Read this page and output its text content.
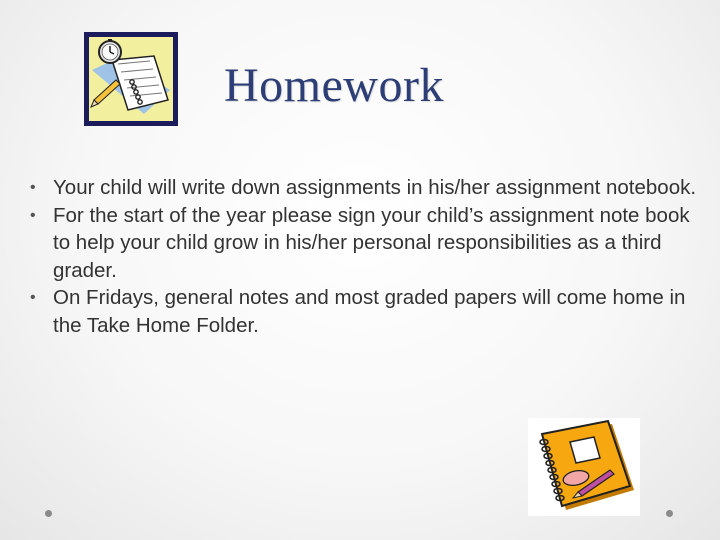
Homework
• Your child will write down assignments in his/her assignment notebook.
• For the start of the year please sign your child’s assignment note book to help your child grow in his/her personal responsibilities as a third grader.
• On Fridays, general notes and most graded papers will come home in the Take Home Folder.
